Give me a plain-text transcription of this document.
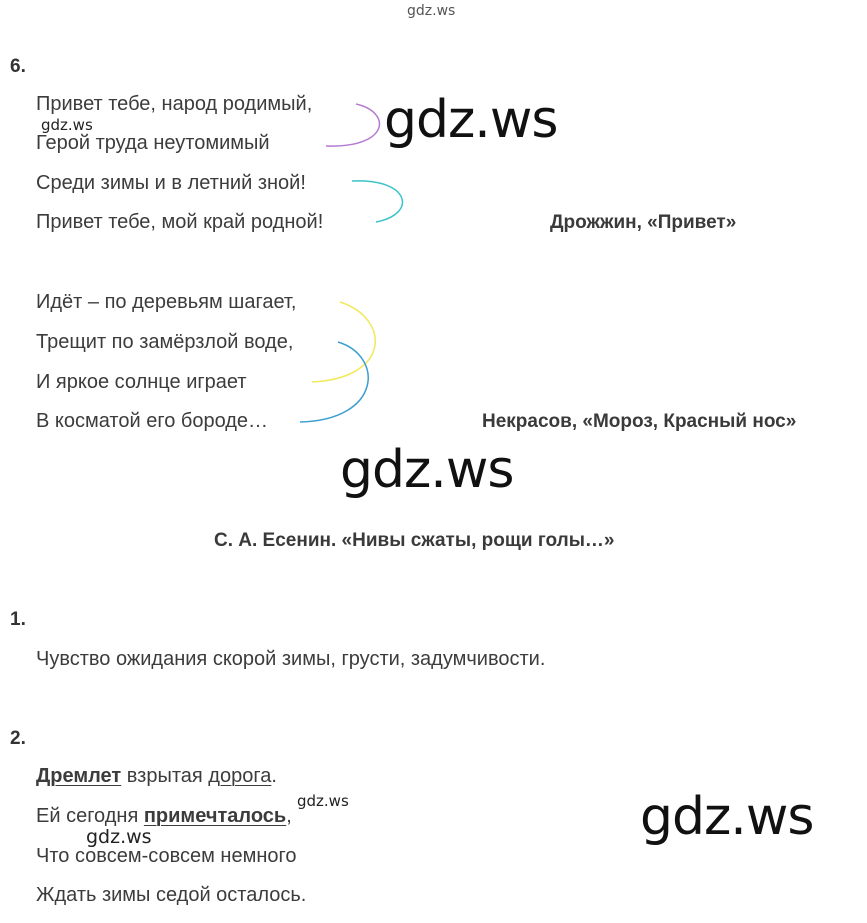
gdz.ws
gdz.ws
gdz.ws
gdz.ws
gdz.ws
gdz.ws
gdz.ws
6.
Привет тебе, народ родимый,
Герой труда неутомимый
Среди зимы и в летний зной!
Привет тебе, мой край родной!	Дрожжин, «Привет»
Идёт – по деревьям шагает,
Трещит по замёрзлой воде,
И яркое солнце играет
В косматой его бороде…	Некрасов, «Мороз, Красный нос»
С. А. Есенин. «Нивы сжаты, рощи голы…»
1.
Чувство ожидания скорой зимы, грусти, задумчивости.
2.
Дремлет взрытая дорога.
Ей сегодня примечталось,
Что совсем-совсем немного
Ждать зимы седой осталось.
